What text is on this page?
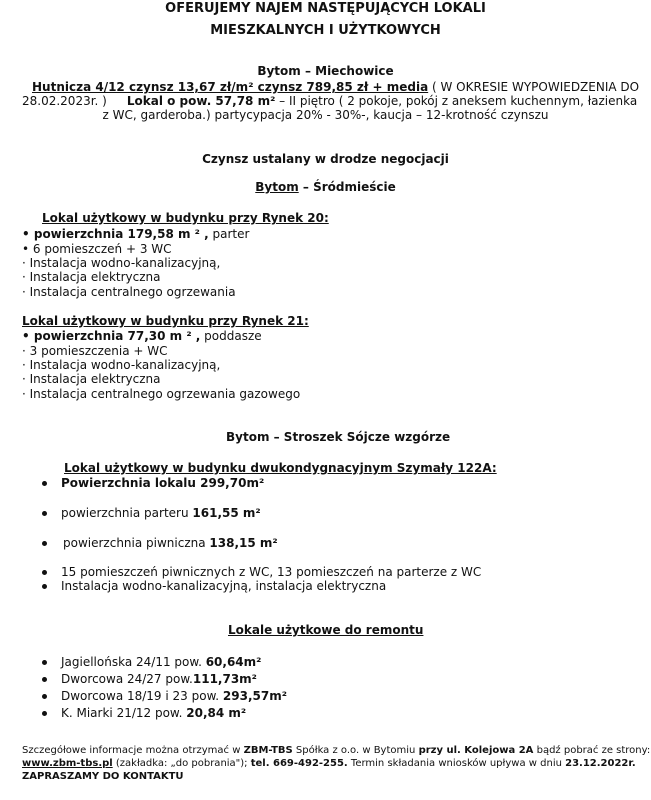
OFERUJEMY NAJEM NASTĘPUJĄCYCH LOKALI
MIESZKALNYCH I UŻYTKOWYCH
Bytom – Miechowice
Hutnicza 4/12 czynsz 13,67 zł/m² czynsz 789,85 zł + media ( W OKRESIE WYPOWIEDZENIA DO
28.02.2023r. ) Lokal o pow. 57,78 m² – II piętro ( 2 pokoje, pokój z aneksem kuchennym, łazienka
z WC, garderoba.) partycypacja 20% - 30%-, kaucja – 12-krotność czynszu
Czynsz ustalany w drodze negocjacji
Bytom – Śródmieście
Lokal użytkowy w budynku przy Rynek 20:
• powierzchnia 179,58 m ² , parter
• 6 pomieszczeń + 3 WC
· Instalacja wodno-kanalizacyjną,
· Instalacja elektryczna
· Instalacja centralnego ogrzewania
Lokal użytkowy w budynku przy Rynek 21:
• powierzchnia 77,30 m ² , poddasze
· 3 pomieszczenia + WC
· Instalacja wodno-kanalizacyjną,
· Instalacja elektryczna
· Instalacja centralnego ogrzewania gazowego
Bytom – Stroszek Sójcze wzgórze
Lokal użytkowy w budynku dwukondygnacyjnym Szymały 122A:
Powierzchnia lokalu 299,70m²
powierzchnia parteru 161,55 m²
powierzchnia piwniczna 138,15 m²
15 pomieszczeń piwnicznych z WC, 13 pomieszczeń na parterze z WC
Instalacja wodno-kanalizacyjną, instalacja elektryczna
Lokale użytkowe do remontu
Jagiellońska 24/11 pow. 60,64m²
Dworcowa 24/27 pow.111,73m²
Dworcowa 18/19 i 23 pow. 293,57m²
K. Miarki 21/12 pow. 20,84 m²
Szczegółowe informacje można otrzymać w ZBM-TBS Spółka z o.o. w Bytomiu przy ul. Kolejowa 2A bądź pobrać ze strony:
www.zbm-tbs.pl (zakładka: „do pobrania"); tel. 669-492-255. Termin składania wniosków upływa w dniu 23.12.2022r.
ZAPRASZAMY DO KONTAKTU
